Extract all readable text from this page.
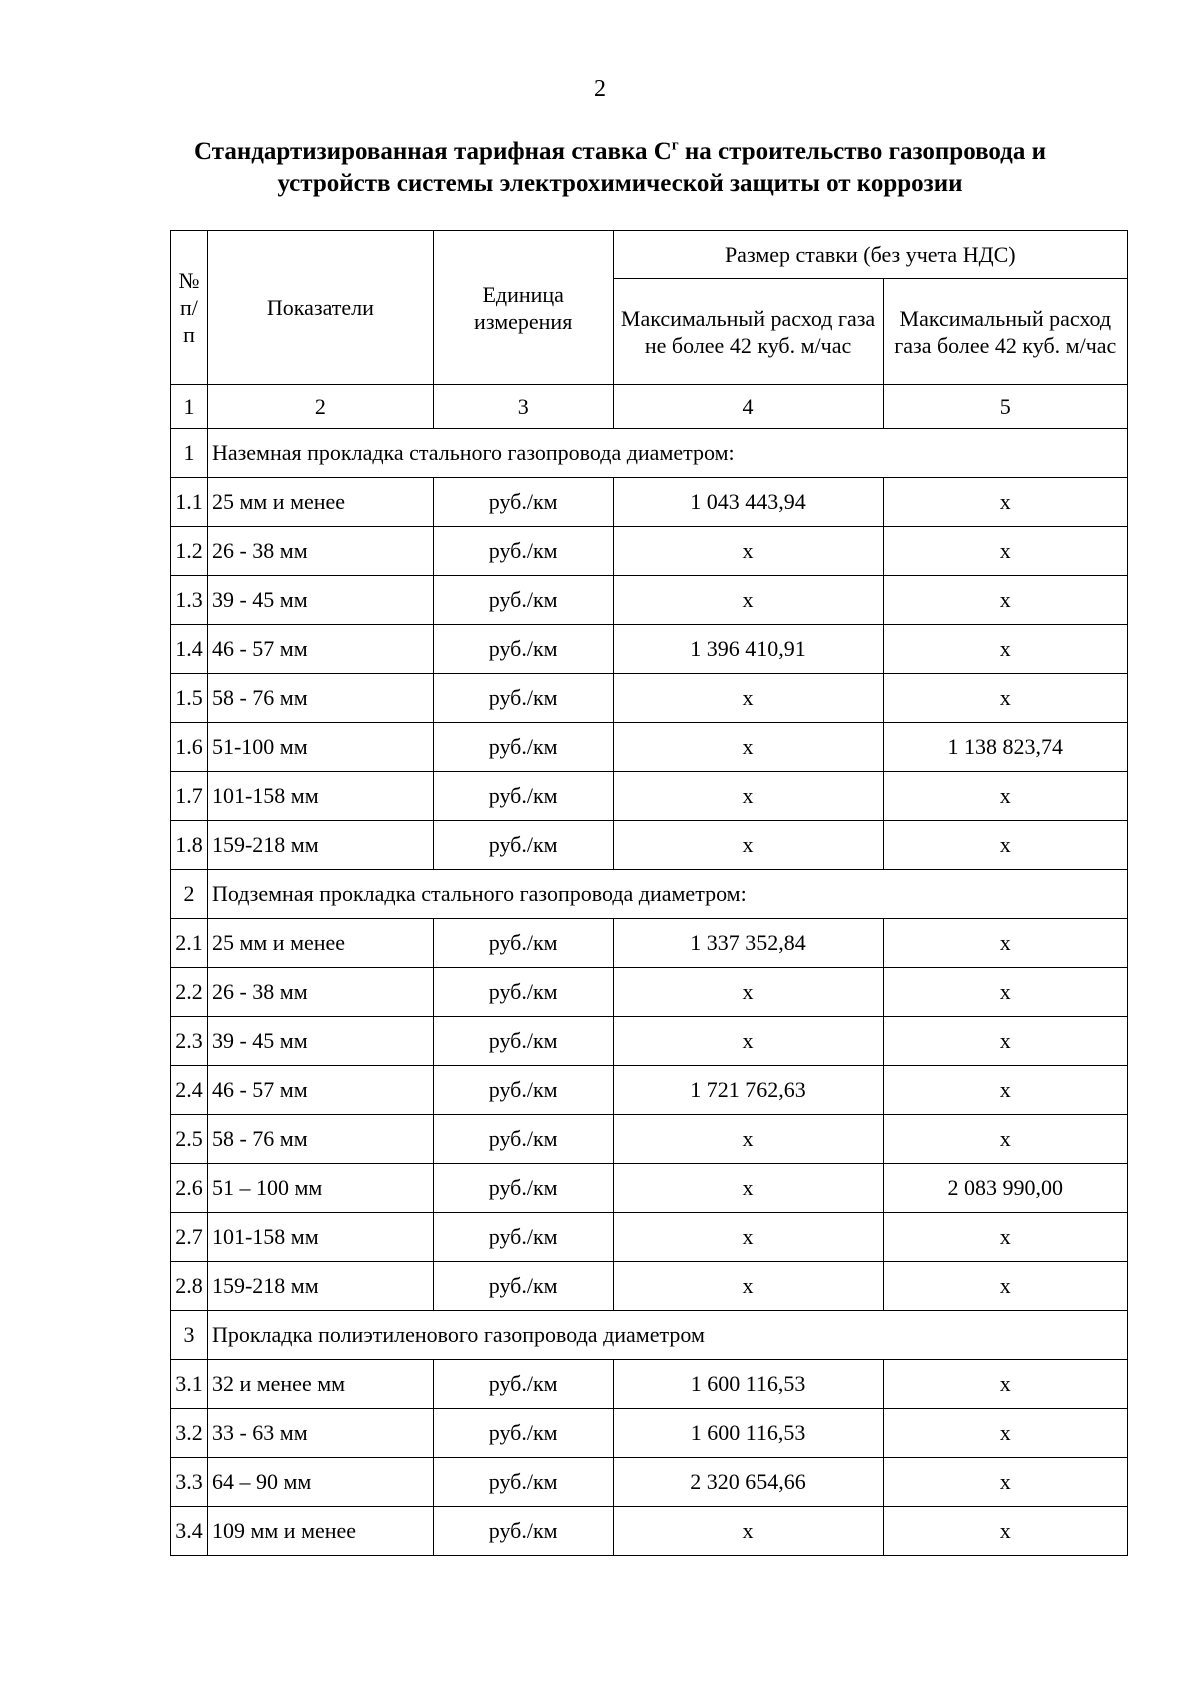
2
Стандартизированная тарифная ставка $С^г$ на строительство газопровода и устройств системы электрохимической защиты от коррозии
№ п/п	Показатели	Единица измерения	Размер ставки (без учета НДС)	
			Максимальный расход газа не более 42 куб. м/час	Максимальный расход газа более 42 куб. м/час
1	2	3	4	5
1	Наземная прокладка стального газопровода диаметром:			
1.1	25 мм и менее	руб./км	1 043 443,94	х
1.2	26 - 38 мм	руб./км	х	х
1.3	39 - 45 мм	руб./км	х	х
1.4	46 - 57 мм	руб./км	1 396 410,91	х
1.5	58 - 76 мм	руб./км	х	х
1.6	51-100 мм	руб./км	х	1 138 823,74
1.7	101-158 мм	руб./км	х	х
1.8	159-218 мм	руб./км	х	х
2	Подземная прокладка стального газопровода диаметром:			
2.1	25 мм и менее	руб./км	1 337 352,84	х
2.2	26 - 38 мм	руб./км	х	х
2.3	39 - 45 мм	руб./км	х	х
2.4	46 - 57 мм	руб./км	1 721 762,63	х
2.5	58 - 76 мм	руб./км	х	х
2.6	51 – 100 мм	руб./км	х	2 083 990,00
2.7	101-158 мм	руб./км	х	х
2.8	159-218 мм	руб./км	х	х
3	Прокладка полиэтиленового газопровода диаметром			
3.1	32 и менее мм	руб./км	1 600 116,53	х
3.2	33 - 63 мм	руб./км	1 600 116,53	х
3.3	64 – 90 мм	руб./км	2 320 654,66	х
3.4	109 мм и менее	руб./км	х	х
